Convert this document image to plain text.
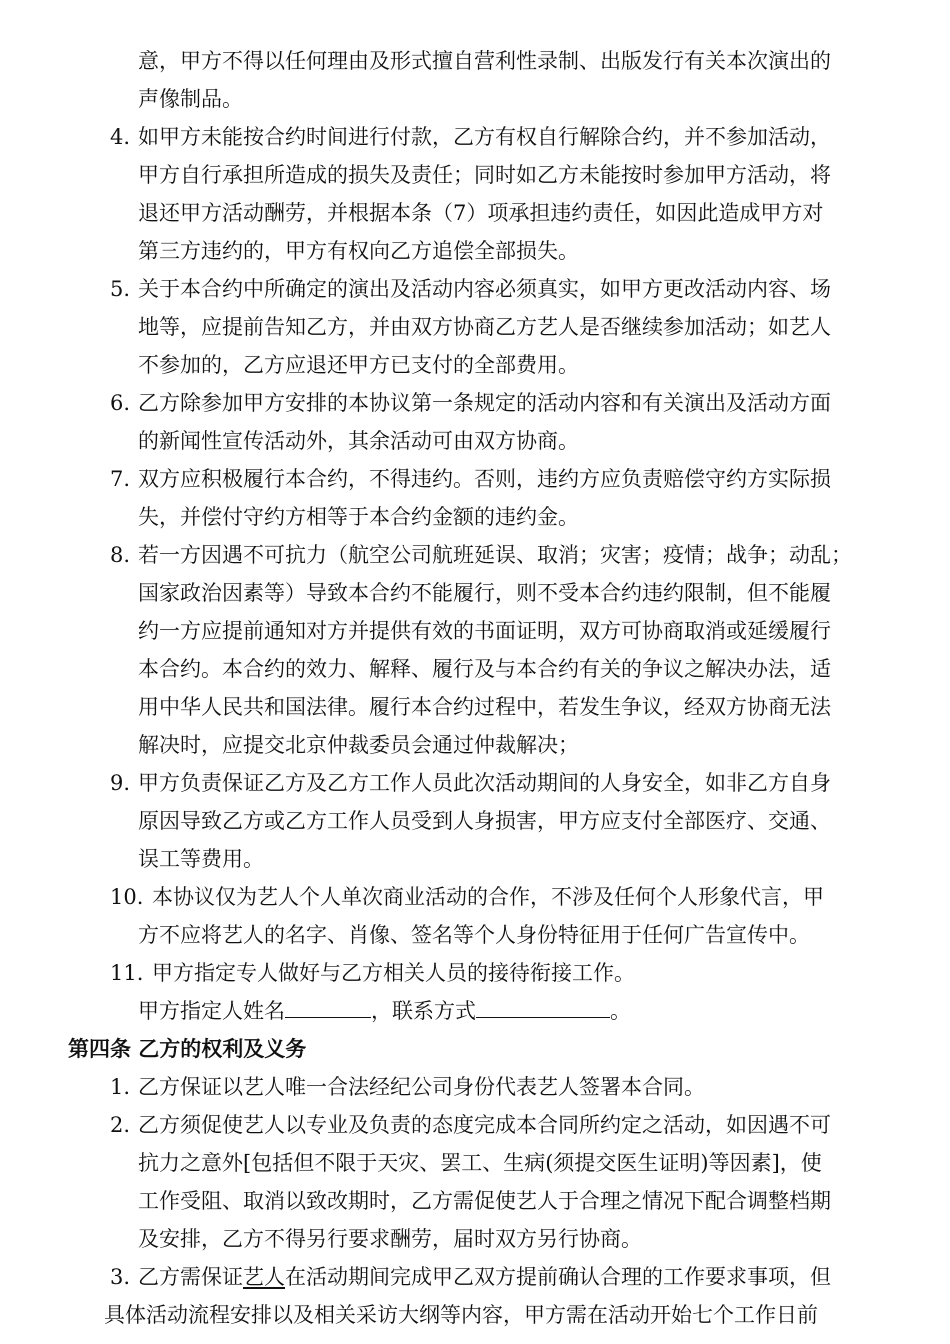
意，甲方不得以任何理由及形式擅自营利性录制、出版发行有关本次演出的
声像制品。
4. 如甲方未能按合约时间进行付款，乙方有权自行解除合约，并不参加活动，
甲方自行承担所造成的损失及责任；同时如乙方未能按时参加甲方活动，将
退还甲方活动酬劳，并根据本条（7）项承担违约责任，如因此造成甲方对
第三方违约的，甲方有权向乙方追偿全部损失。
5. 关于本合约中所确定的演出及活动内容必须真实，如甲方更改活动内容、场
地等，应提前告知乙方，并由双方协商乙方艺人是否继续参加活动；如艺人
不参加的，乙方应退还甲方已支付的全部费用。
6. 乙方除参加甲方安排的本协议第一条规定的活动内容和有关演出及活动方面
的新闻性宣传活动外，其余活动可由双方协商。
7. 双方应积极履行本合约，不得违约。否则，违约方应负责赔偿守约方实际损
失，并偿付守约方相等于本合约金额的违约金。
8. 若一方因遇不可抗力（航空公司航班延误、取消；灾害；疫情；战争；动乱；
国家政治因素等）导致本合约不能履行，则不受本合约违约限制，但不能履
约一方应提前通知对方并提供有效的书面证明，双方可协商取消或延缓履行
本合约。本合约的效力、解释、履行及与本合约有关的争议之解决办法，适
用中华人民共和国法律。履行本合约过程中，若发生争议，经双方协商无法
解决时，应提交北京仲裁委员会通过仲裁解决；
9. 甲方负责保证乙方及乙方工作人员此次活动期间的人身安全，如非乙方自身
原因导致乙方或乙方工作人员受到人身损害，甲方应支付全部医疗、交通、
误工等费用。
10. 本协议仅为艺人个人单次商业活动的合作，不涉及任何个人形象代言，甲
方不应将艺人的名字、肖像、签名等个人身份特征用于任何广告宣传中。
11. 甲方指定专人做好与乙方相关人员的接待衔接工作。
甲方指定人姓名	，联系方式	。
第四条 乙方的权利及义务
1. 乙方保证以艺人唯一合法经纪公司身份代表艺人签署本合同。
2. 乙方须促使艺人以专业及负责的态度完成本合同所约定之活动，如因遇不可
抗力之意外[包括但不限于天灾、罢工、生病(须提交医生证明)等因素]，使
工作受阻、取消以致改期时，乙方需促使艺人于合理之情况下配合调整档期
及安排，乙方不得另行要求酬劳，届时双方另行协商。
3. 乙方需保证艺人在活动期间完成甲乙双方提前确认合理的工作要求事项，但
具体活动流程安排以及相关采访大纲等内容，甲方需在活动开始七个工作日前
